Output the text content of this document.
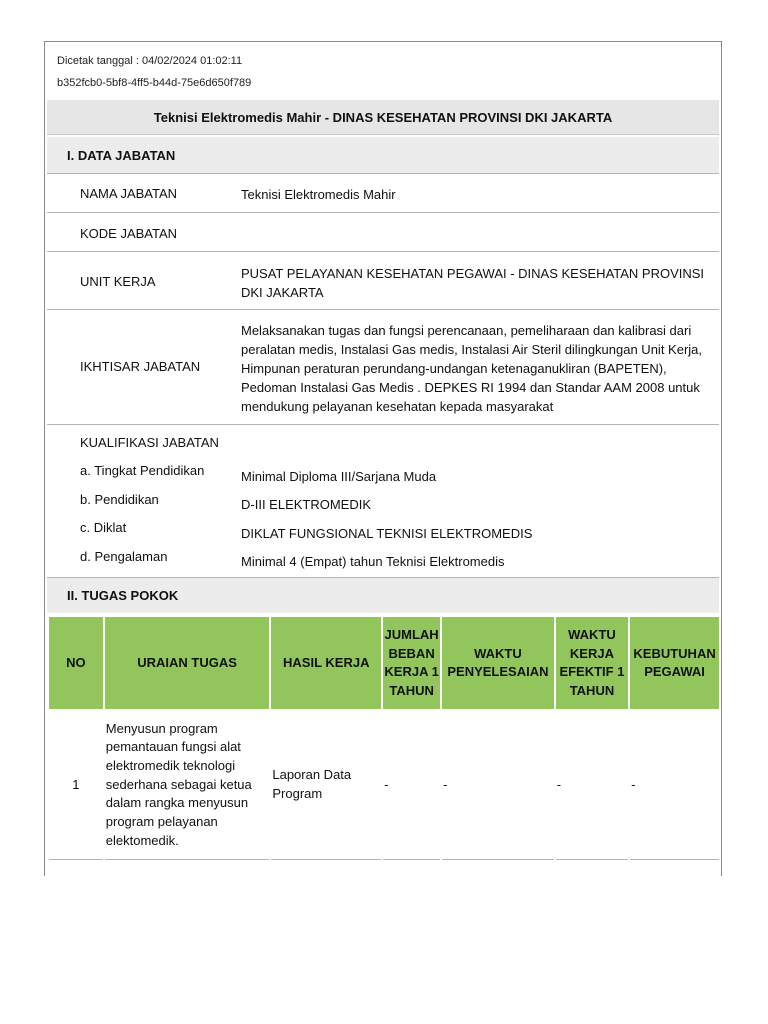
Dicetak tanggal : 04/02/2024 01:02:11
b352fcb0-5bf8-4ff5-b44d-75e6d650f789
Teknisi Elektromedis Mahir - DINAS KESEHATAN PROVINSI DKI JAKARTA
I. DATA JABATAN
NAMA JABATAN	Teknisi Elektromedis Mahir
KODE JABATAN
UNIT KERJA
PUSAT PELAYANAN KESEHATAN PEGAWAI - DINAS KESEHATAN PROVINSI DKI JAKARTA
IKHTISAR JABATAN
Melaksanakan tugas dan fungsi perencanaan, pemeliharaan dan kalibrasi dari peralatan medis, Instalasi Gas medis, Instalasi Air Steril dilingkungan Unit Kerja, Himpunan peraturan perundang-undangan ketenaganukliran (BAPETEN), Pedoman Instalasi Gas Medis . DEPKES RI 1994 dan Standar AAM 2008 untuk mendukung pelayanan kesehatan kepada masyarakat
KUALIFIKASI JABATAN
a. Tingkat Pendidikan	Minimal Diploma III/Sarjana Muda
b. Pendidikan	D-III ELEKTROMEDIK
c. Diklat	DIKLAT FUNGSIONAL TEKNISI ELEKTROMEDIS
d. Pengalaman	Minimal 4 (Empat) tahun Teknisi Elektromedis
II. TUGAS POKOK
NO	URAIAN TUGAS	HASIL KERJA	JUMLAH BEBAN KERJA 1 TAHUN	WAKTU PENYELESAIAN	WAKTU KERJA EFEKTIF 1 TAHUN	KEBUTUHAN PEGAWAI
1	Menyusun program pemantauan fungsi alat elektromedik teknologi sederhana sebagai ketua dalam rangka menyusun program pelayanan elektomedik.	Laporan Data Program	-	-	-	-
